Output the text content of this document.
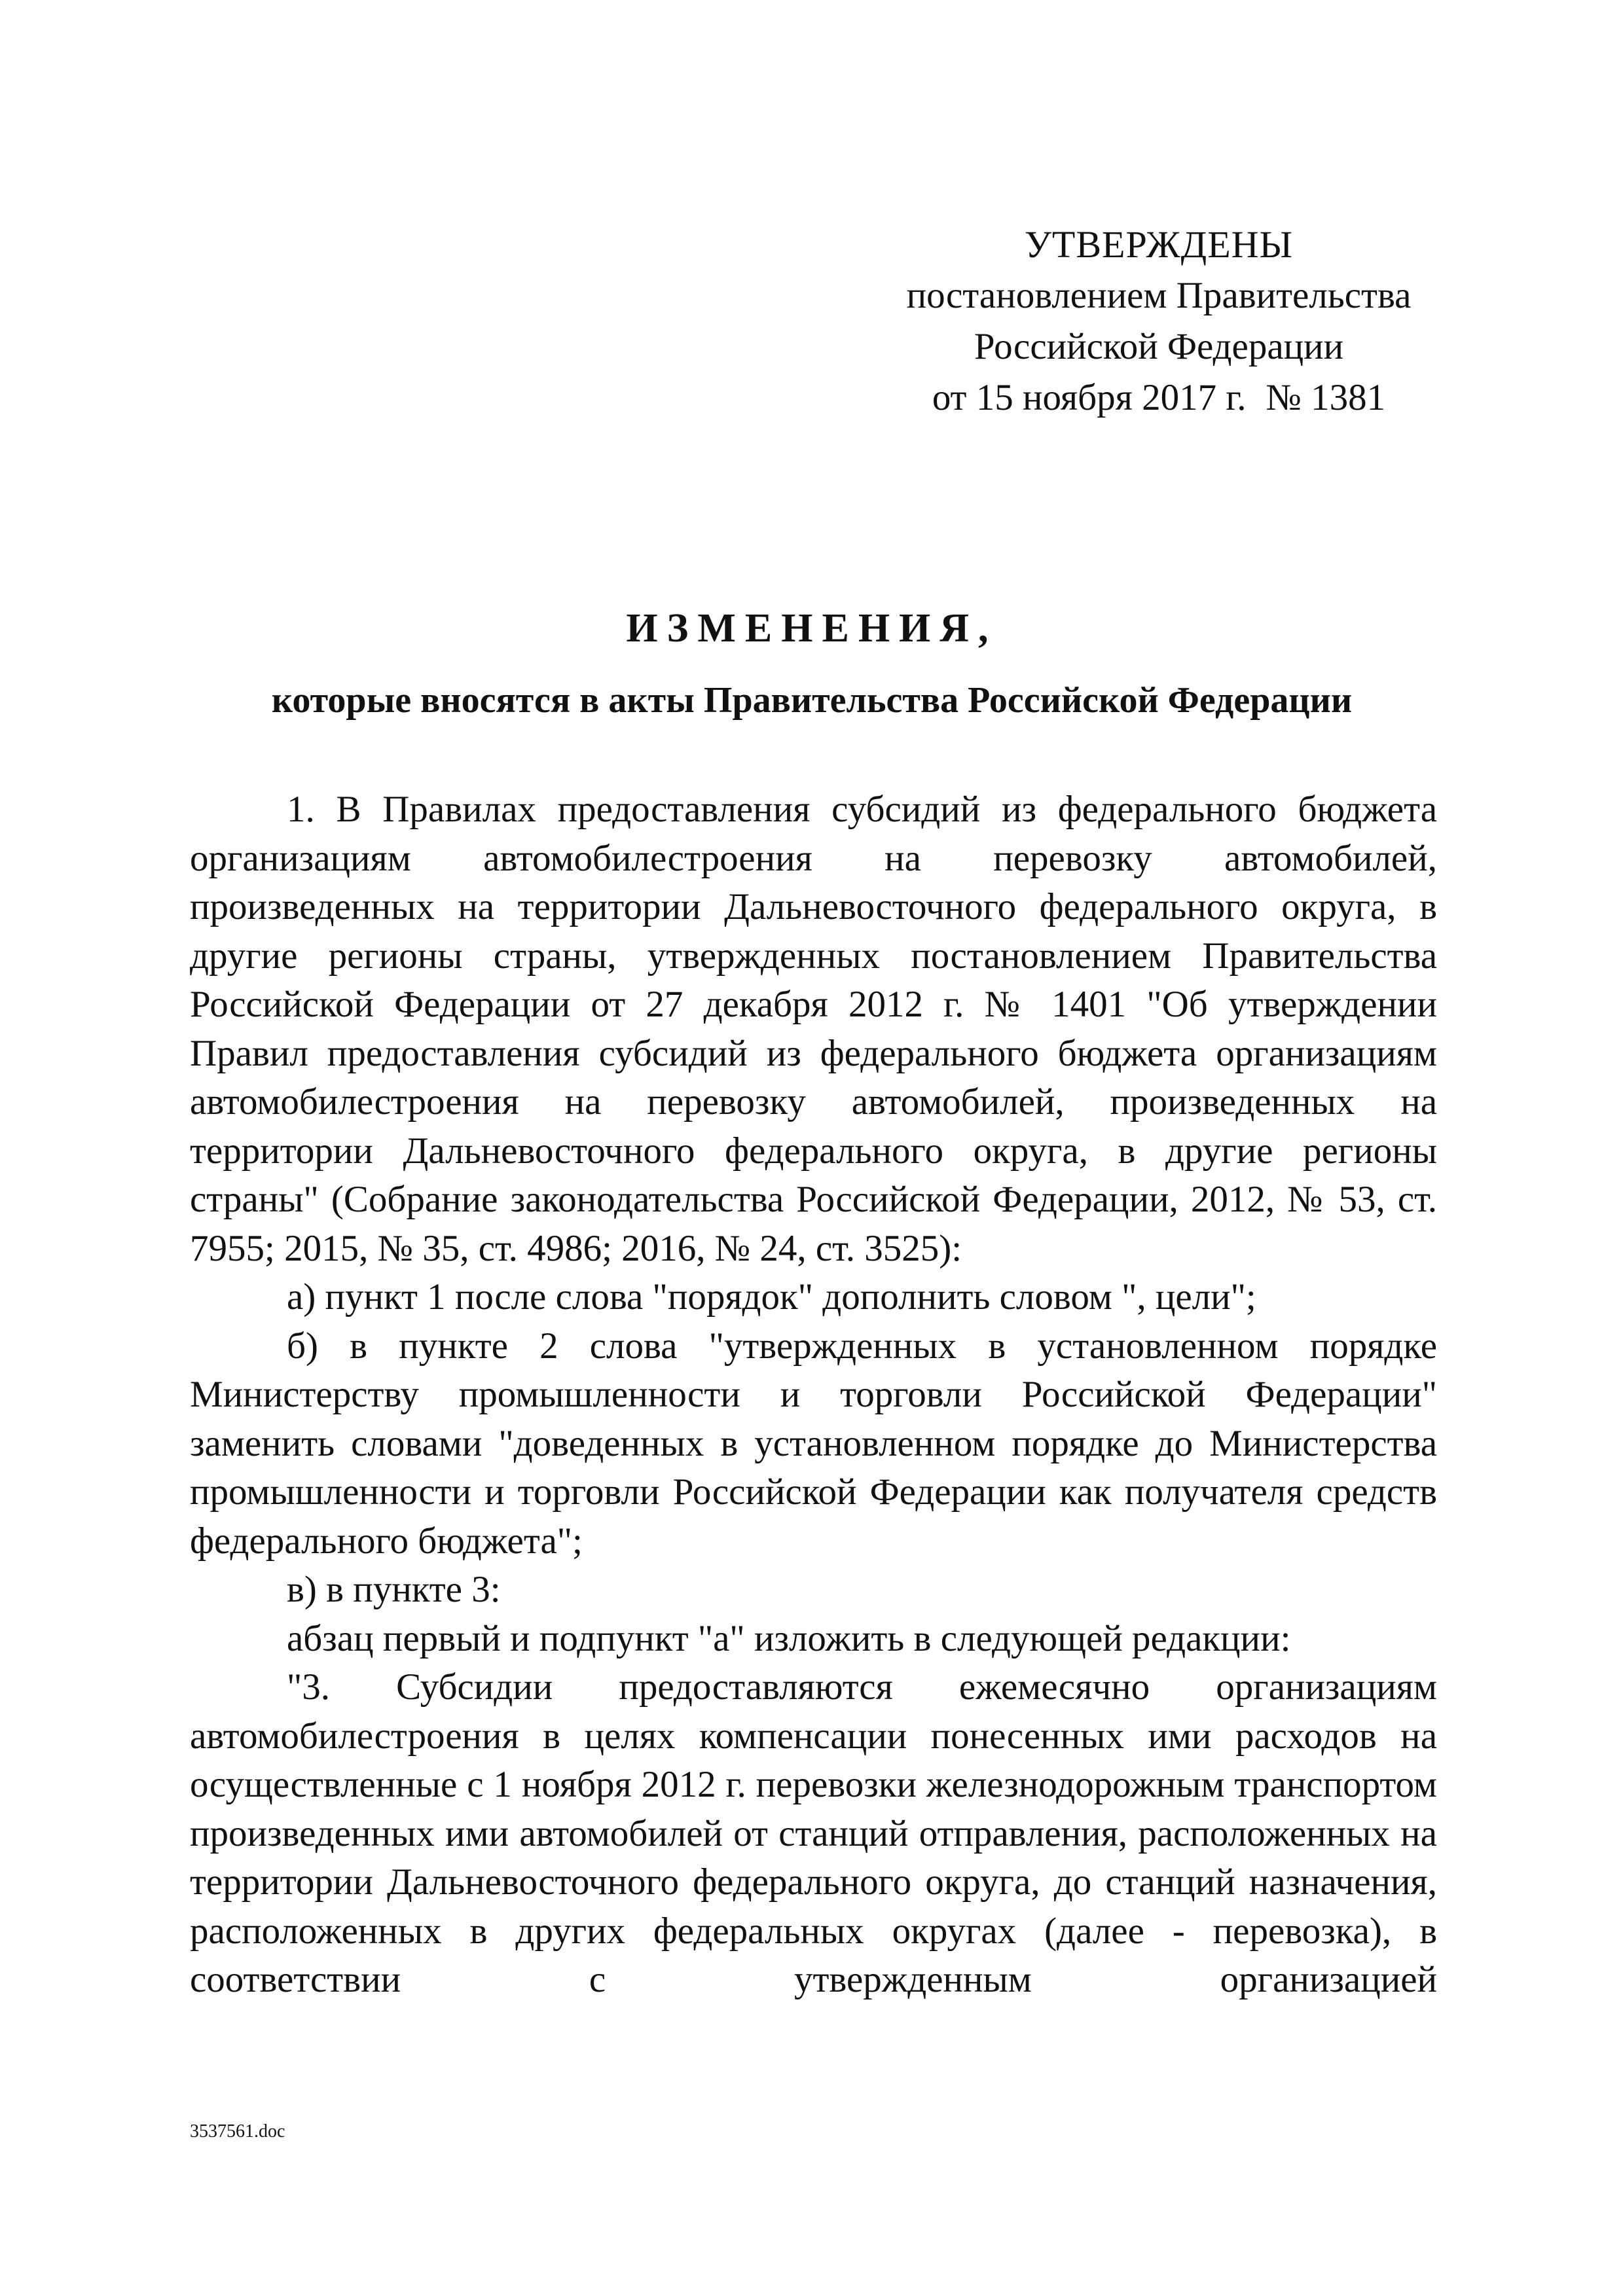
УТВЕРЖДЕНЫ
постановлением Правительства
Российской Федерации
от 15 ноября 2017 г. № 1381
ИЗМЕНЕНИЯ,
которые вносятся в акты Правительства Российской Федерации

1. В Правилах предоставления субсидий из федерального бюджета организациям автомобилестроения на перевозку автомобилей, произведенных на территории Дальневосточного федерального округа, в другие регионы страны, утвержденных постановлением Правительства Российской Федерации от 27 декабря 2012 г. № 1401 "Об утверждении Правил предоставления субсидий из федерального бюджета организациям автомобилестроения на перевозку автомобилей, произведенных на территории Дальневосточного федерального округа, в другие регионы страны" (Собрание законодательства Российской Федерации, 2012, № 53, ст. 7955; 2015, № 35, ст. 4986; 2016, № 24, ст. 3525):

а) пункт 1 после слова "порядок" дополнить словом ", цели";

б) в пункте 2 слова "утвержденных в установленном порядке Министерству промышленности и торговли Российской Федерации" заменить словами "доведенных в установленном порядке до Министерства промышленности и торговли Российской Федерации как получателя средств федерального бюджета";

в) в пункте 3:

абзац первый и подпункт "а" изложить в следующей редакции:

"3. Субсидии предоставляются ежемесячно организациям автомобилестроения в целях компенсации понесенных ими расходов на осуществленные с 1 ноября 2012 г. перевозки железнодорожным транспортом произведенных ими автомобилей от станций отправления, расположенных на территории Дальневосточного федерального округа, до станций назначения, расположенных в других федеральных округах (далее - перевозка), в соответствии с утвержденным организацией

3537561.doc
